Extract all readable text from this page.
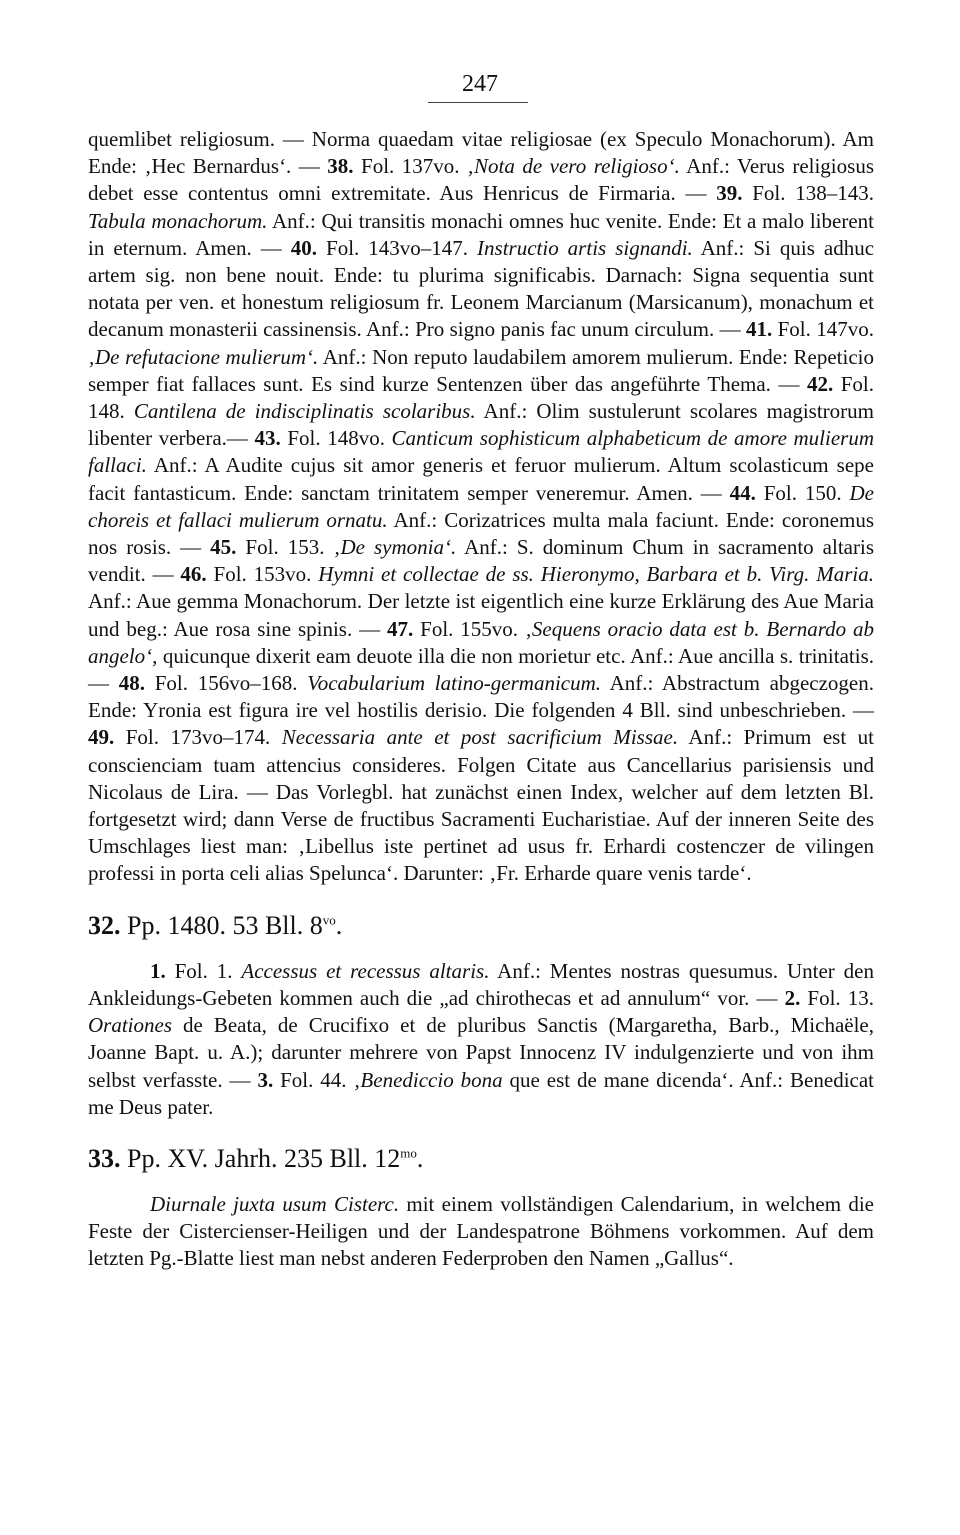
247

quemlibet religiosum. — Norma quaedam vitae religiosae (ex Speculo Monachorum). Am Ende: ‚Hec Bernardus‘. — 38. Fol. 137vo. ‚Nota de vero religioso‘. Anf.: Verus religiosus debet esse contentus omni extremitate. Aus Henricus de Firmaria. — 39. Fol. 138–143. Tabula monachorum. Anf.: Qui transitis monachi omnes huc venite. Ende: Et a malo liberent in eternum. Amen. — 40. Fol. 143vo–147. Instructio artis signandi. Anf.: Si quis adhuc artem sig. non bene nouit. Ende: tu plurima significabis. Darnach: Signa sequentia sunt notata per ven. et honestum religiosum fr. Leonem Marcianum (Marsicanum), monachum et decanum monasterii cassinensis. Anf.: Pro signo panis fac unum circulum. — 41. Fol. 147vo. ‚De refutacione mulierum‘. Anf.: Non reputo laudabilem amorem mulierum. Ende: Repeticio semper fiat fallaces sunt. Es sind kurze Sentenzen über das angeführte Thema. — 42. Fol. 148. Cantilena de indisciplinatis scolaribus. Anf.: Olim sustulerunt scolares magistrorum libenter verbera.— 43. Fol. 148vo. Canticum sophisticum alphabeticum de amore mulierum fallaci. Anf.: A Audite cujus sit amor generis et feruor mulierum. Altum scolasticum sepe facit fantasticum. Ende: sanctam trinitatem semper veneremur. Amen. — 44. Fol. 150. De choreis et fallaci mulierum ornatu. Anf.: Corizatrices multa mala faciunt. Ende: coronemus nos rosis. — 45. Fol. 153. ‚De symonia‘. Anf.: S. dominum Chum in sacramento altaris vendit. — 46. Fol. 153vo. Hymni et collectae de ss. Hieronymo, Barbara et b. Virg. Maria. Anf.: Aue gemma Monachorum. Der letzte ist eigentlich eine kurze Erklärung des Aue Maria und beg.: Aue rosa sine spinis. — 47. Fol. 155vo. ‚Sequens oracio data est b. Bernardo ab angelo‘, quicunque dixerit eam deuote illa die non morietur etc. Anf.: Aue ancilla s. trinitatis. — 48. Fol. 156vo–168. Vocabularium latino-germanicum. Anf.: Abstractum abgeczogen. Ende: Yronia est figura ire vel hostilis derisio. Die folgenden 4 Bll. sind unbeschrieben. — 49. Fol. 173vo–174. Necessaria ante et post sacrificium Missae. Anf.: Primum est ut conscienciam tuam attencius consideres. Folgen Citate aus Cancellarius parisiensis und Nicolaus de Lira. — Das Vorlegbl. hat zunächst einen Index, welcher auf dem letzten Bl. fortgesetzt wird; dann Verse de fructibus Sacramenti Eucharistiae. Auf der inneren Seite des Umschlages liest man: ‚Libellus iste pertinet ad usus fr. Erhardi costenczer de vilingen professi in porta celi alias Spelunca‘. Darunter: ‚Fr. Erharde quare venis tarde‘.

32. Pp. 1480. 53 Bll. $8^{vo}$.

1. Fol. 1. Accessus et recessus altaris. Anf.: Mentes nostras quesumus. Unter den Ankleidungs-Gebeten kommen auch die „ad chirothecas et ad annulum“ vor. — 2. Fol. 13. Orationes de Beata, de Crucifixo et de pluribus Sanctis (Margaretha, Barb., Michaële, Joanne Bapt. u. A.); darunter mehrere von Papst Innocenz IV indulgenzierte und von ihm selbst verfasste. — 3. Fol. 44. ‚Benediccio bona que est de mane dicenda‘. Anf.: Benedicat me Deus pater.

33. Pp. XV. Jahrh. 235 Bll. $12^{mo}$.

Diurnale juxta usum Cisterc. mit einem vollständigen Calendarium, in welchem die Feste der Cistercienser-Heiligen und der Landespatrone Böhmens vorkommen. Auf dem letzten Pg.-Blatte liest man nebst anderen Federproben den Namen „Gallus“.
